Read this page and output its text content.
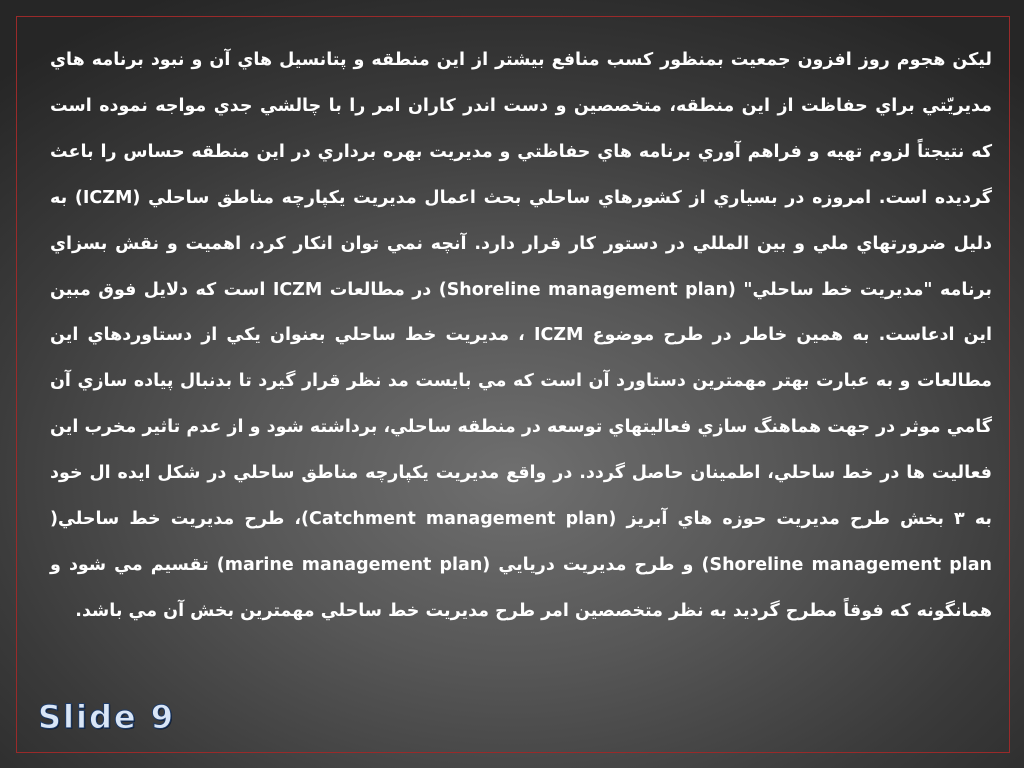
ليكن هجوم روز افزون جمعيت بمنظور كسب منافع بيشتر از اين منطقه و پتانسيل هاي آن و نبود برنامه هاي مديريّتي براي حفاظت از اين منطقه، متخصصين و دست اندر كاران امر را با چالشي جدي مواجه نموده است كه نتيجتاً لزوم تهيه و فراهم آوري برنامه هاي حفاظتي و مديريت بهره برداري در اين منطقه حساس را باعث گرديده است. امروزه در بسياري از كشورهاي ساحلي بحث اعمال مديريت يكپارچه مناطق ساحلي (ICZM) به دليل ضرورتهاي ملي و بين المللي در دستور كار قرار دارد. آنچه نمي توان انكار كرد، اهميت و نقش بسزاي برنامه "مديريت خط ساحلي" (Shoreline management plan) در مطالعات ICZM است كه دلايل فوق مبين اين ادعاست. به همين خاطر در طرح موضوع ICZM ، مديريت خط ساحلي بعنوان يكي از دستاوردهاي اين مطالعات و به عبارت بهتر مهمترين دستاورد آن است كه مي بايست مد نظر قرار گيرد تا بدنبال پياده سازي آن گامي موثر در جهت هماهنگ سازي فعاليتهاي توسعه در منطقه ساحلي، برداشته شود و از عدم تاثير مخرب اين فعاليت ها در خط ساحلي، اطمينان حاصل گردد. در واقع مديريت يكپارچه مناطق ساحلي در شكل ايده ال خود به ۳ بخش طرح مديريت حوزه هاي آبريز (Catchment management plan)، طرح مديريت خط ساحلي( Shoreline management plan) و طرح مديريت دريايي (marine management plan) تقسيم مي شود و همانگونه كه فوقاً مطرح گرديد به نظر متخصصين امر طرح مديريت خط ساحلي مهمترين بخش آن مي باشد.

Slide 9
